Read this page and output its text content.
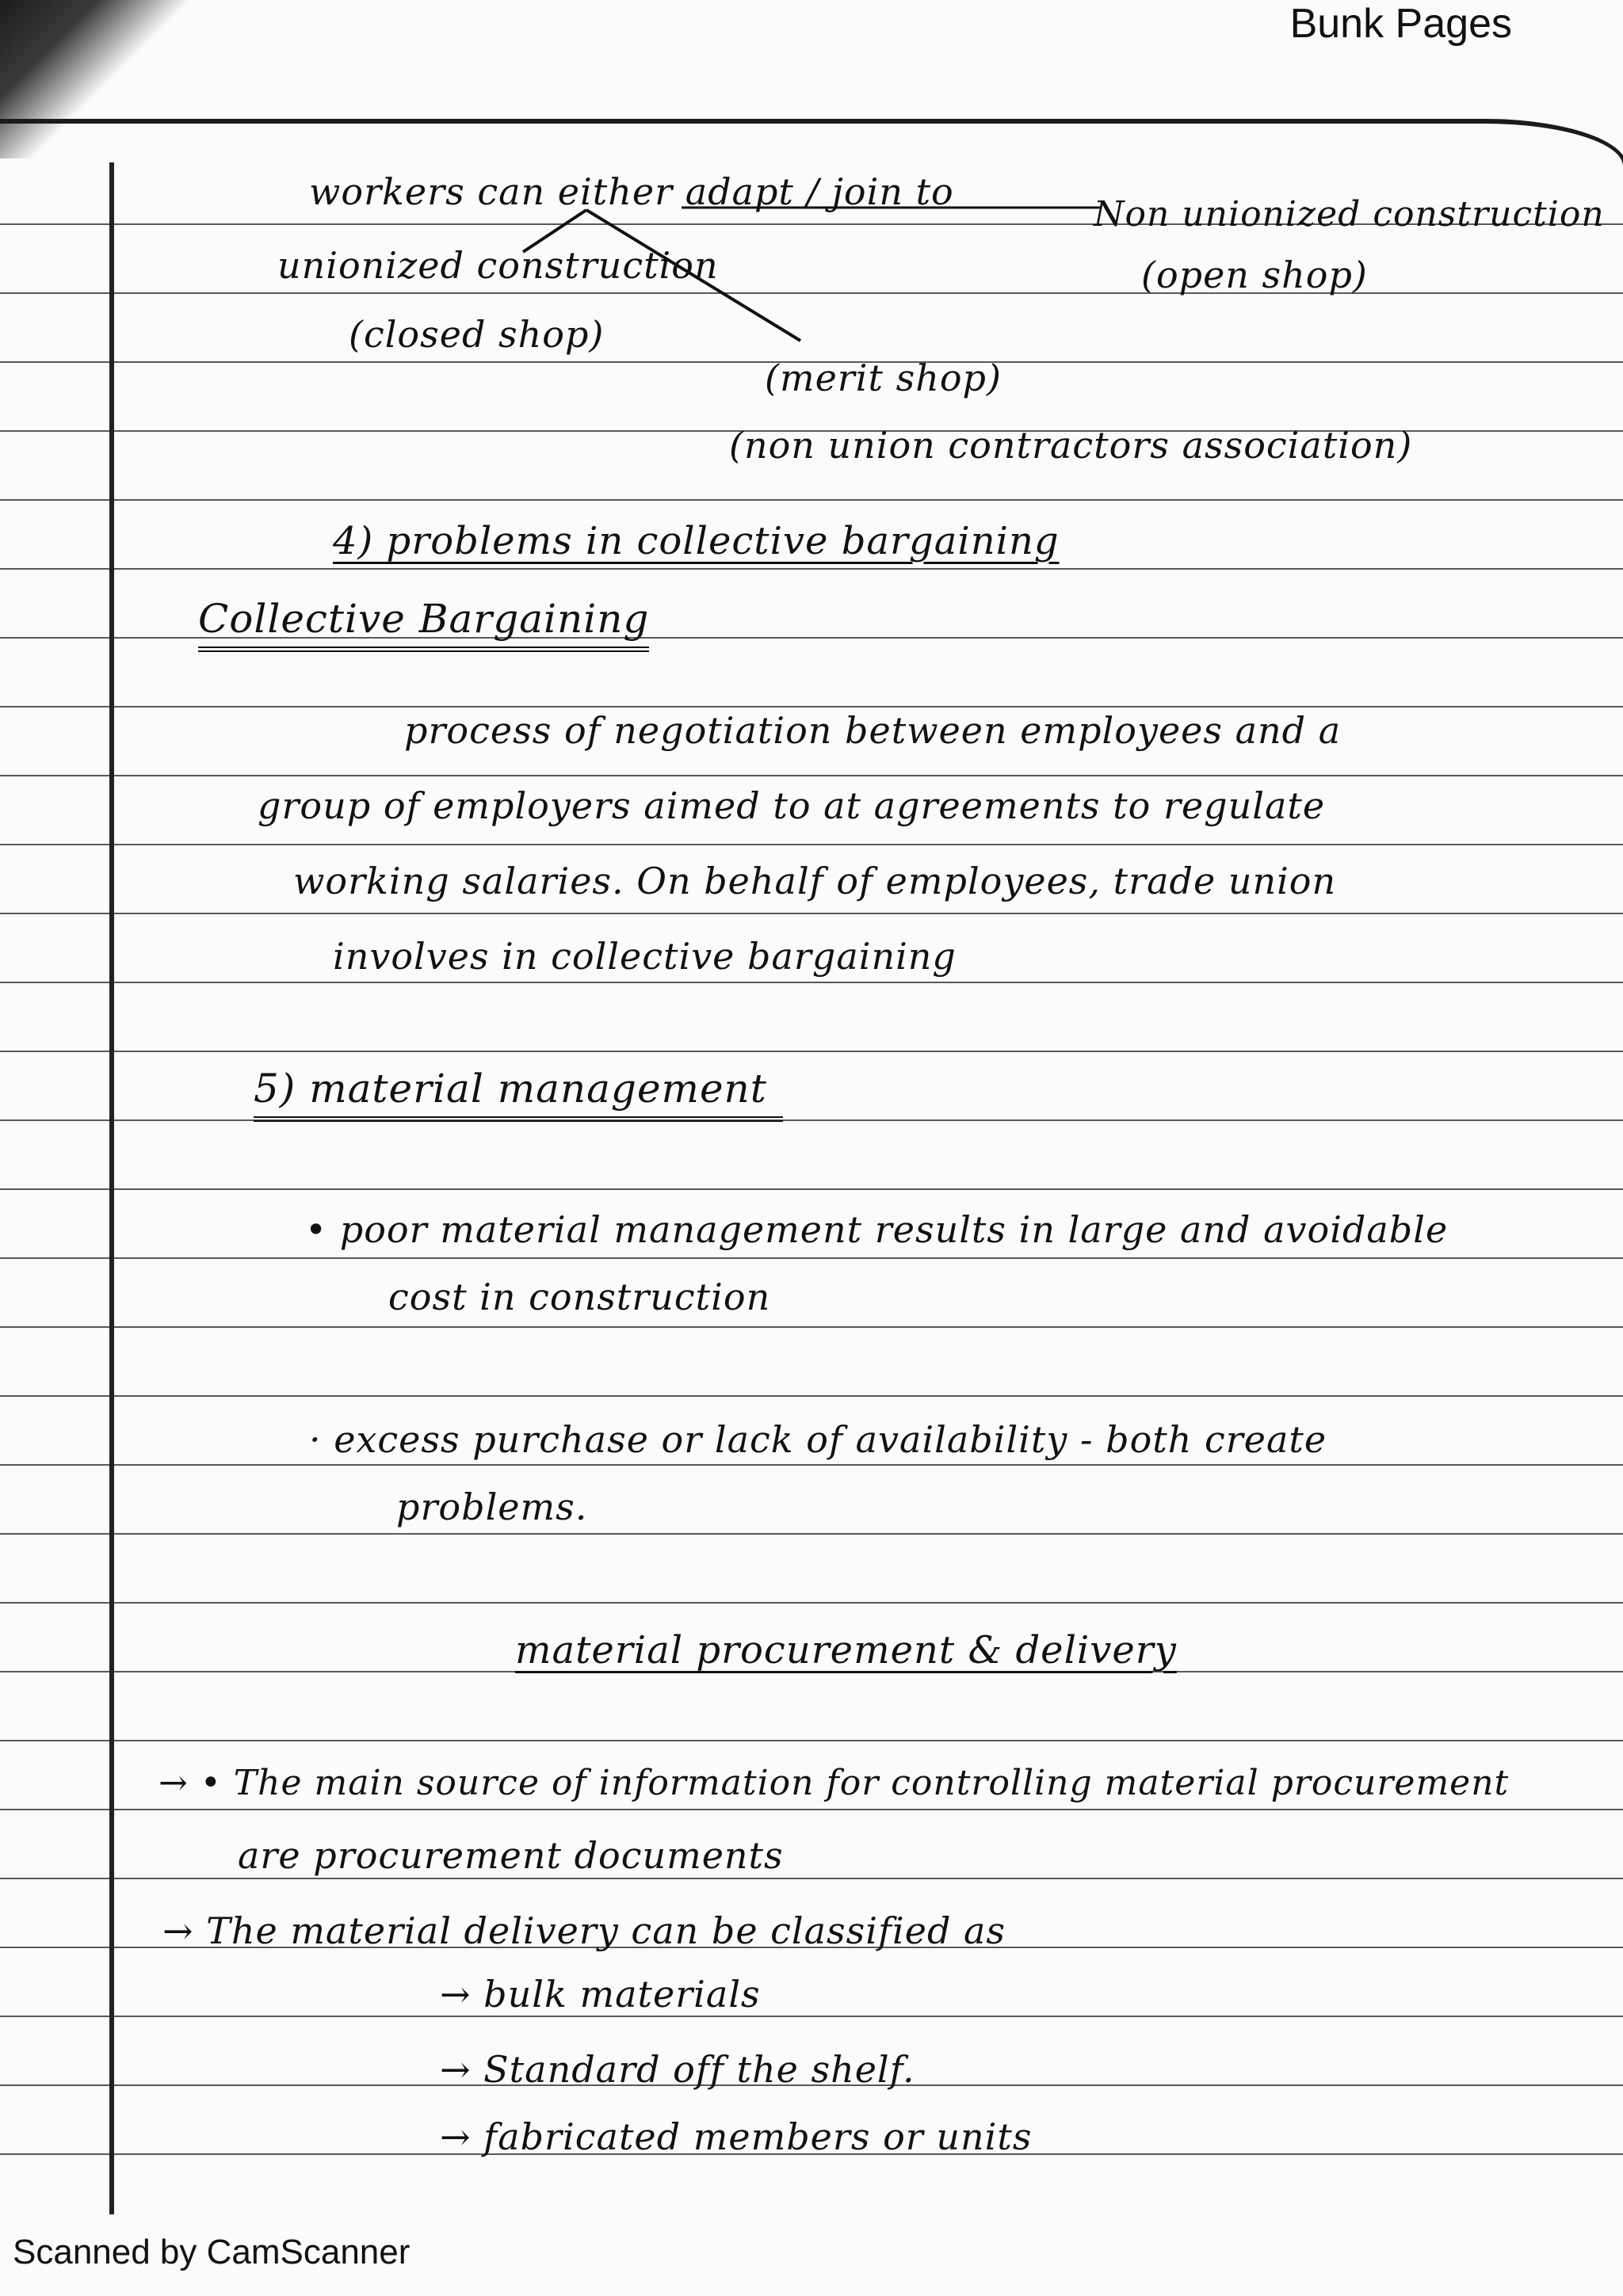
Bunk Pages
workers can either adapt / join to
Non unionized construction
unionized construction	(open shop)
(closed shop)
(merit shop)
(non union contractors association)
4) problems in collective bargaining
Collective Bargaining
process of negotiation between employees and a
group of employers aimed to at agreements to regulate
working salaries. On behalf of employees, trade union
involves in collective bargaining
5) material management
• poor material management results in large and avoidable
cost in construction
· excess purchase or lack of availability - both create
problems.
material procurement & delivery
→ • The main source of information for controlling material procurement
are procurement documents
→ The material delivery can be classified as
→ bulk materials
→ Standard off the shelf.
→ fabricated members or units
Scanned by CamScanner
